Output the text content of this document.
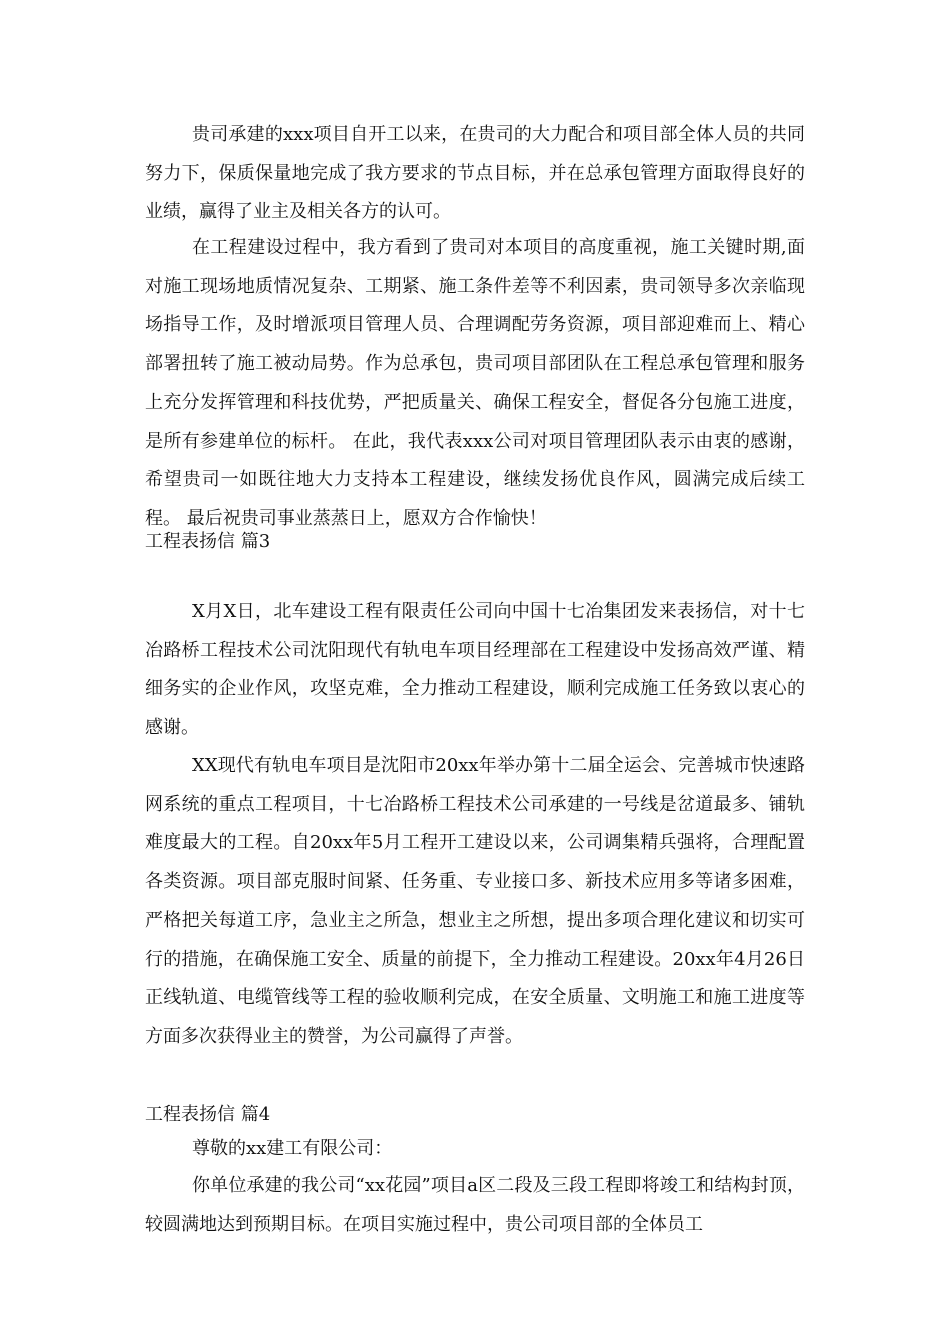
贵司承建的xxx项目自开工以来，在贵司的大力配合和项目部全体人员的共同努力下，保质保量地完成了我方要求的节点目标，并在总承包管理方面取得良好的业绩，赢得了业主及相关各方的认可。

在工程建设过程中，我方看到了贵司对本项目的高度重视，施工关键时期,面对施工现场地质情况复杂、工期紧、施工条件差等不利因素，贵司领导多次亲临现场指导工作，及时增派项目管理人员、合理调配劳务资源，项目部迎难而上、精心部署扭转了施工被动局势。作为总承包，贵司项目部团队在工程总承包管理和服务上充分发挥管理和科技优势，严把质量关、确保工程安全，督促各分包施工进度，是所有参建单位的标杆。 在此，我代表xxx公司对项目管理团队表示由衷的感谢，希望贵司一如既往地大力支持本工程建设，继续发扬优良作风，圆满完成后续工程。 最后祝贵司事业蒸蒸日上，愿双方合作愉快！

工程表扬信 篇3

X月X日，北车建设工程有限责任公司向中国十七冶集团发来表扬信，对十七冶路桥工程技术公司沈阳现代有轨电车项目经理部在工程建设中发扬高效严谨、精细务实的企业作风，攻坚克难，全力推动工程建设，顺利完成施工任务致以衷心的感谢。

XX现代有轨电车项目是沈阳市20xx年举办第十二届全运会、完善城市快速路网系统的重点工程项目，十七冶路桥工程技术公司承建的一号线是岔道最多、铺轨难度最大的工程。自20xx年5月工程开工建设以来，公司调集精兵强将，合理配置各类资源。项目部克服时间紧、任务重、专业接口多、新技术应用多等诸多困难，严格把关每道工序，急业主之所急，想业主之所想，提出多项合理化建议和切实可行的措施，在确保施工安全、质量的前提下，全力推动工程建设。20xx年4月26日正线轨道、电缆管线等工程的验收顺利完成，在安全质量、文明施工和施工进度等方面多次获得业主的赞誉，为公司赢得了声誉。

工程表扬信 篇4

尊敬的xx建工有限公司：

你单位承建的我公司“xx花园”项目a区二段及三段工程即将竣工和结构封顶，较圆满地达到预期目标。在项目实施过程中，贵公司项目部的全体员工
